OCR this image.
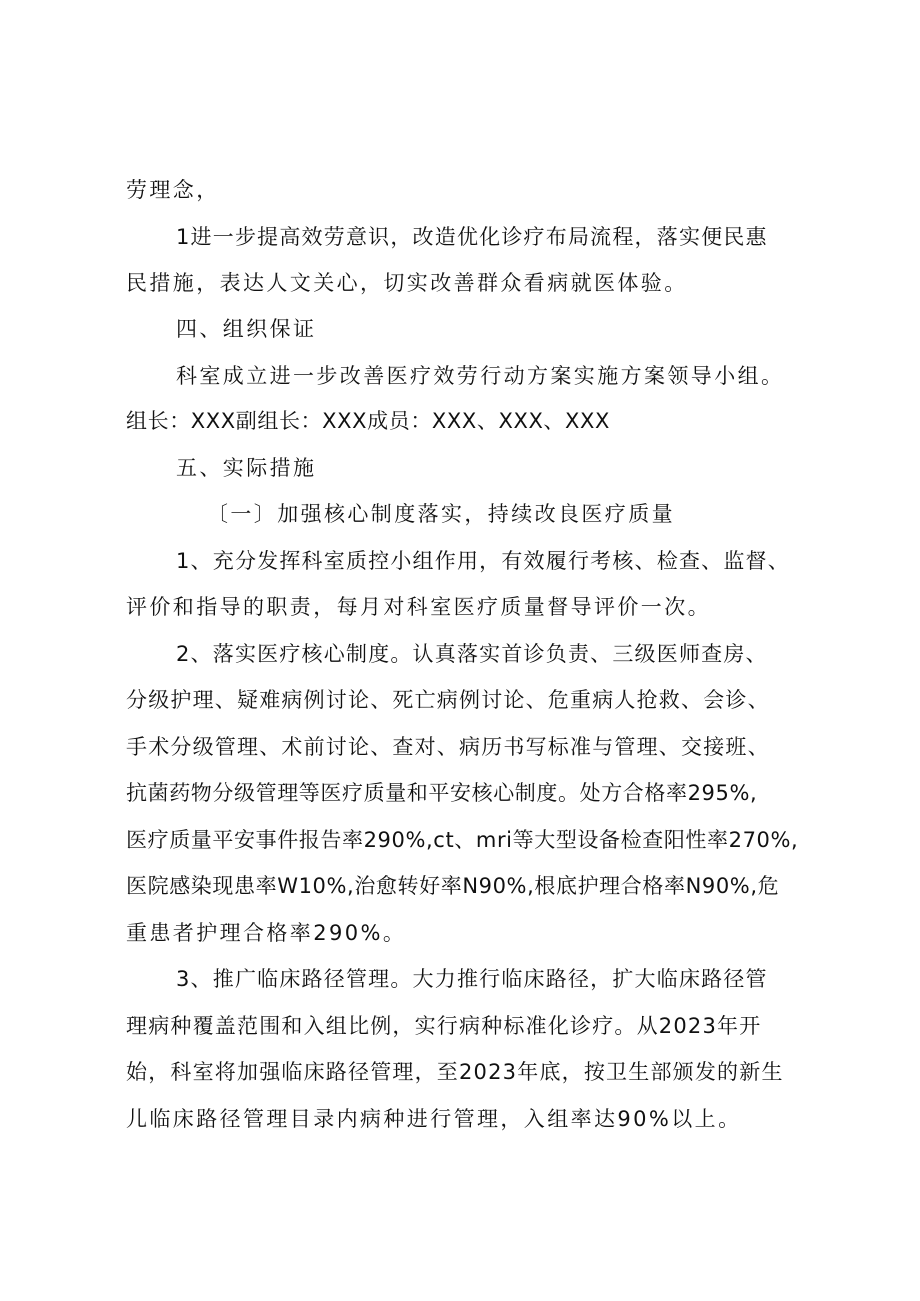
劳理念，
1进一步提高效劳意识，改造优化诊疗布局流程，落实便民惠
民措施，表达人文关心，切实改善群众看病就医体验。
四、组织保证
科室成立进一步改善医疗效劳行动方案实施方案领导小组。
组长：XXX副组长：XXX成员：XXX、XXX、XXX
五、实际措施
〔一〕加强核心制度落实，持续改良医疗质量
1、充分发挥科室质控小组作用，有效履行考核、检查、监督、
评价和指导的职责，每月对科室医疗质量督导评价一次。
2、落实医疗核心制度。认真落实首诊负责、三级医师查房、
分级护理、疑难病例讨论、死亡病例讨论、危重病人抢救、会诊、
手术分级管理、术前讨论、查对、病历书写标准与管理、交接班、
抗菌药物分级管理等医疗质量和平安核心制度。处方合格率295%,
医疗质量平安事件报告率290%,ct、mri等大型设备检查阳性率270%,
医院感染现患率W10%,治愈转好率N90%,根底护理合格率N90%,危
重患者护理合格率290%。
3、推广临床路径管理。大力推行临床路径，扩大临床路径管
理病种覆盖范围和入组比例，实行病种标准化诊疗。从2023年开
始，科室将加强临床路径管理，至2023年底，按卫生部颁发的新生
儿临床路径管理目录内病种进行管理，入组率达90%以上。
